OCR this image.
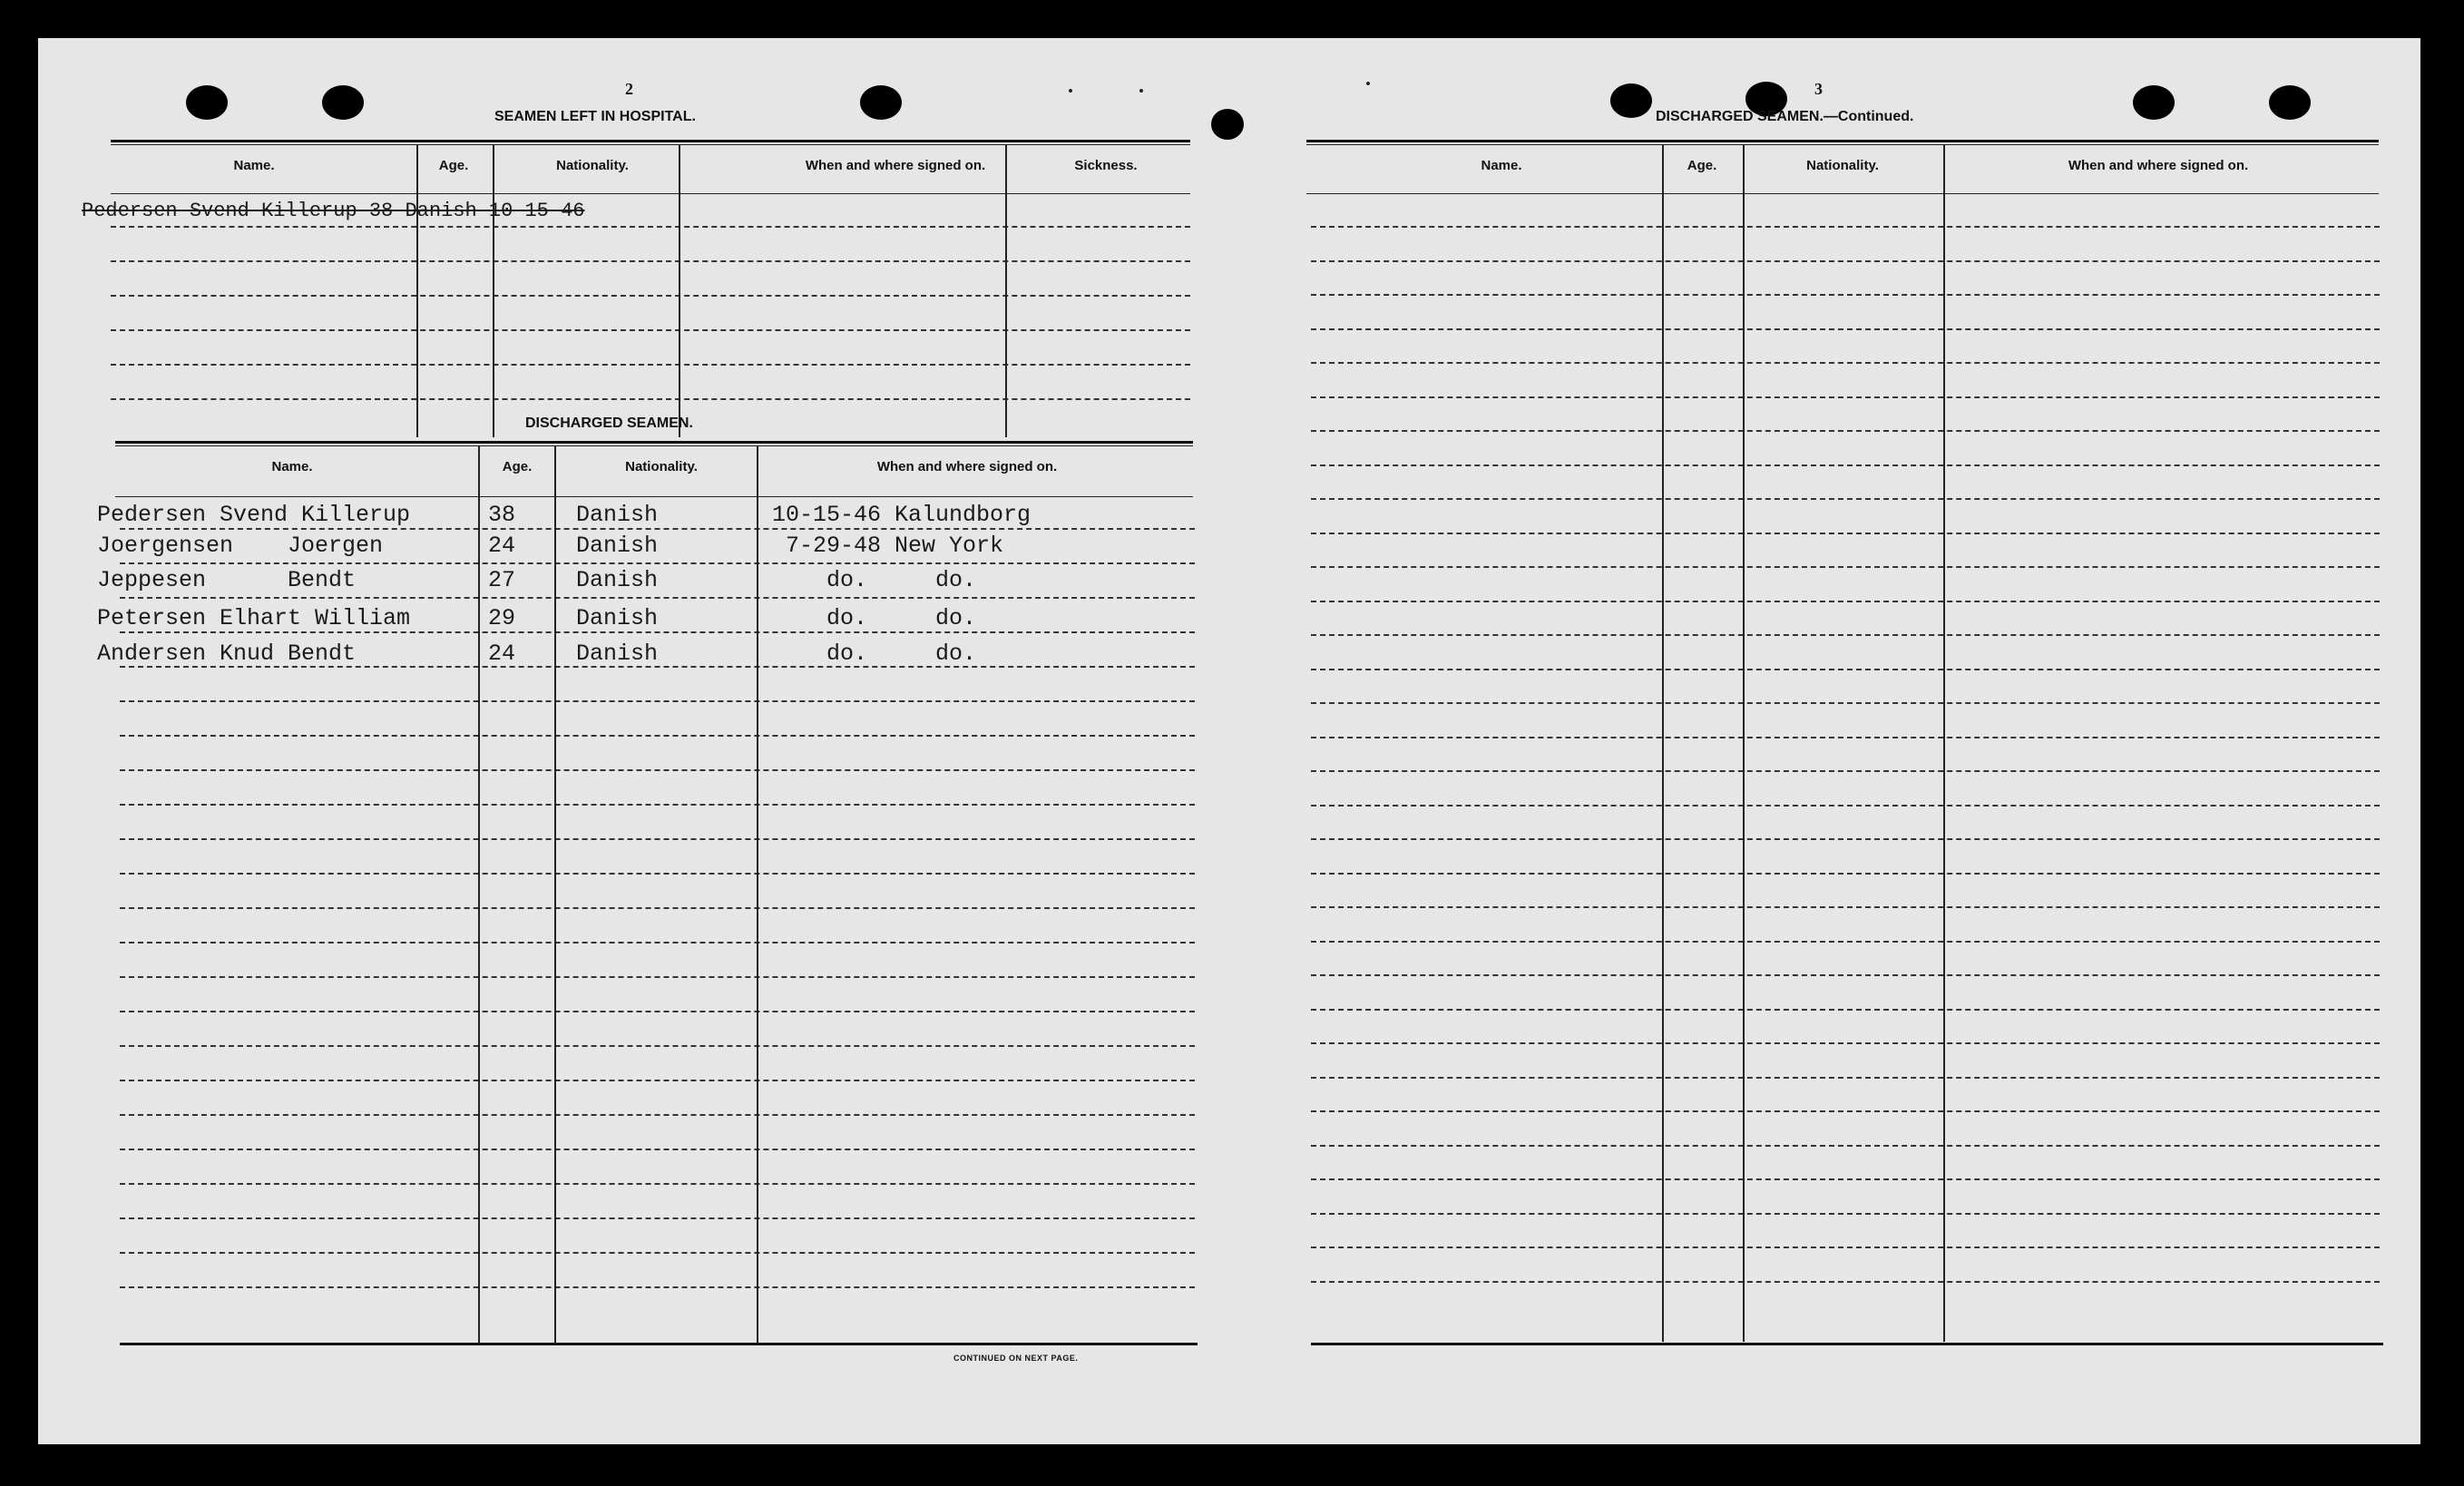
2
SEAMEN LEFT IN HOSPITAL.
Name.	Age.	Nationality.	When and where signed on.	Sickness.
Pedersen Svend Killerup 38 Danish 10-15-46
DISCHARGED SEAMEN.
Name.	Age.	Nationality.	When and where signed on.
Pedersen Svend Killerup	38	Danish	10-15-46 Kalundborg
Joergensen    Joergen	24	Danish	7-29-48 New York
Jeppesen      Bendt	27	Danish	do.     do.
Petersen Elhart William	29	Danish	do.     do.
Andersen Knud Bendt	24	Danish	do.     do.
CONTINUED ON NEXT PAGE.
3
DISCHARGED SEAMEN.—Continued.
Name.	Age.	Nationality.	When and where signed on.
